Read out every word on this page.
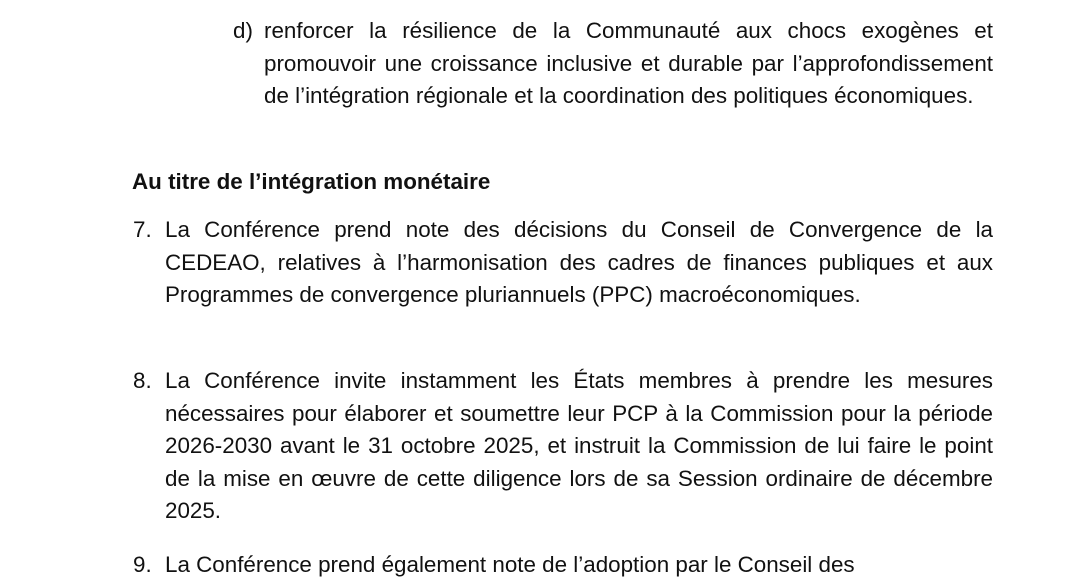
d) renforcer la résilience de la Communauté aux chocs exogènes et promouvoir une croissance inclusive et durable par l’approfondissement de l’intégration régionale et la coordination des politiques économiques.
Au titre de l’intégration monétaire
7. La Conférence prend note des décisions du Conseil de Convergence de la CEDEAO, relatives à l’harmonisation des cadres de finances publiques et aux Programmes de convergence pluriannuels (PPC) macroéconomiques.
8. La Conférence invite instamment les États membres à prendre les mesures nécessaires pour élaborer et soumettre leur PCP à la Commission pour la période 2026-2030 avant le 31 octobre 2025, et instruit la Commission de lui faire le point de la mise en œuvre de cette diligence lors de sa Session ordinaire de décembre 2025.
9. La Conférence prend également note de l’adoption par le Conseil des
